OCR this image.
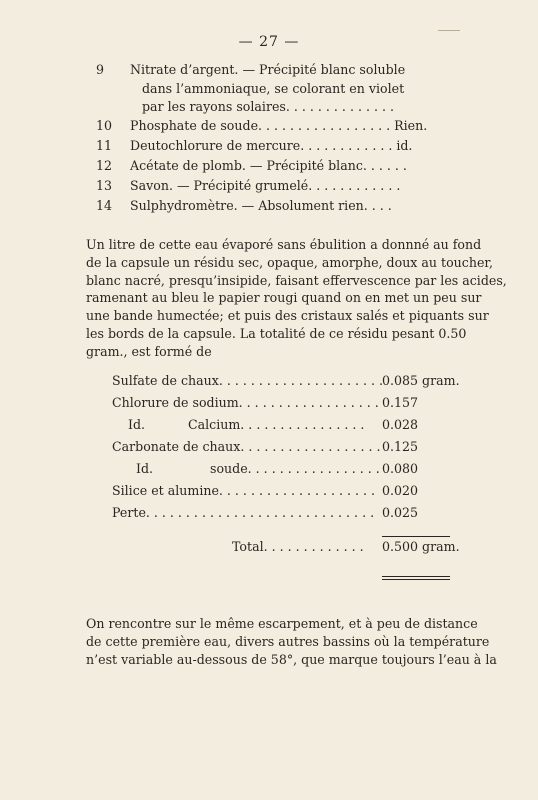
— 27 —
9	Nitrate d’argent. — Précipité blanc soluble
dans l’ammoniaque, se colorant en violet
par les rayons solaires. . . . . . . . . . . . . .
10	Phosphate de soude. . . . . . . . . . . . . . . . . Rien.
11	Deutochlorure de mercure. . . . . . . . . . . . id.
12	Acétate de plomb. — Précipité blanc. . . . . .
13	Savon. — Précipité grumelé. . . . . . . . . . . .
14	Sulphydromètre. — Absolument rien. . . .
Un litre de cette eau évaporé sans ébulition a donnné au fond
de la capsule un résidu sec, opaque, amorphe, doux au toucher,
blanc nacré, presqu’insipide, faisant effervescence par les acides,
ramenant au bleu le papier rougi quand on en met un peu sur
une bande humectée; et puis des cristaux salés et piquants sur
les bords de la capsule. La totalité de ce résidu pesant 0.50
gram., est formé de
Sulfate de chaux. . . . . . . . . . . . . . . . . . . . . 0.085 gram.
Chlorure de sodium. . . . . . . . . . . . . . . . . . 0.157
Id.	Calcium. . . . . . . . . . . . . . . . 0.028
Carbonate de chaux. . . . . . . . . . . . . . . . . . 0.125
Id.	soude. . . . . . . . . . . . . . . . . 0.080
Silice et alumine. . . . . . . . . . . . . . . . . . . . 0.020
Perte. . . . . . . . . . . . . . . . . . . . . . . . . . . . . 0.025
Total. . . . . . . . . . . . . 0.500 gram.
On rencontre sur le même escarpement, et à peu de distance
de cette première eau, divers autres bassins où la température
n’est variable au-dessous de 58°, que marque toujours l’eau à la
